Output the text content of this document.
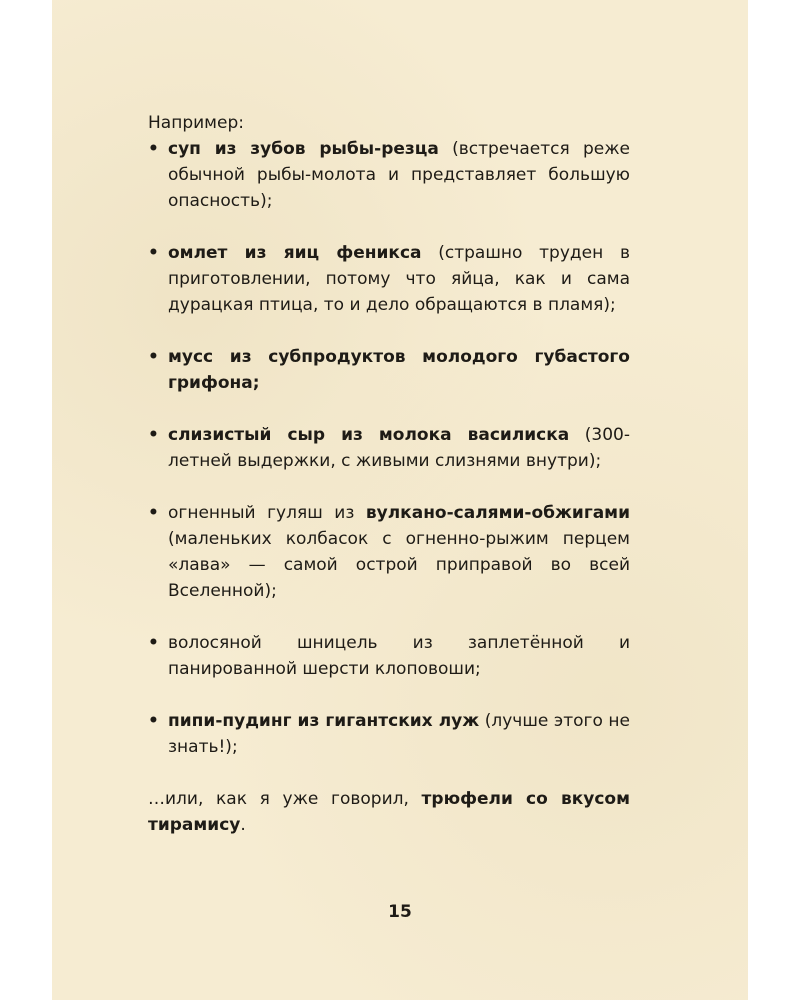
Например:

• суп из зубов рыбы-резца (встречается реже обычной рыбы-молота и представляет большую опасность);
• омлет из яиц феникса (страшно труден в приготовлении, потому что яйца, как и сама дурацкая птица, то и дело обращаются в пламя);
• мусс из субпродуктов молодого губастого грифона;
• слизистый сыр из молока василиска (300-летней выдержки, с живыми слизнями внутри);
• огненный гуляш из вулкано-салями-обжигами (маленьких колбасок с огненно-рыжим перцем «лава» — самой острой приправой во всей Вселенной);
• волосяной шницель из заплетённой и панированной шерсти клоповоши;
• пипи-пудинг из гигантских луж (лучше этого не знать!);

…или, как я уже говорил, трюфели со вкусом тирамису.

15
